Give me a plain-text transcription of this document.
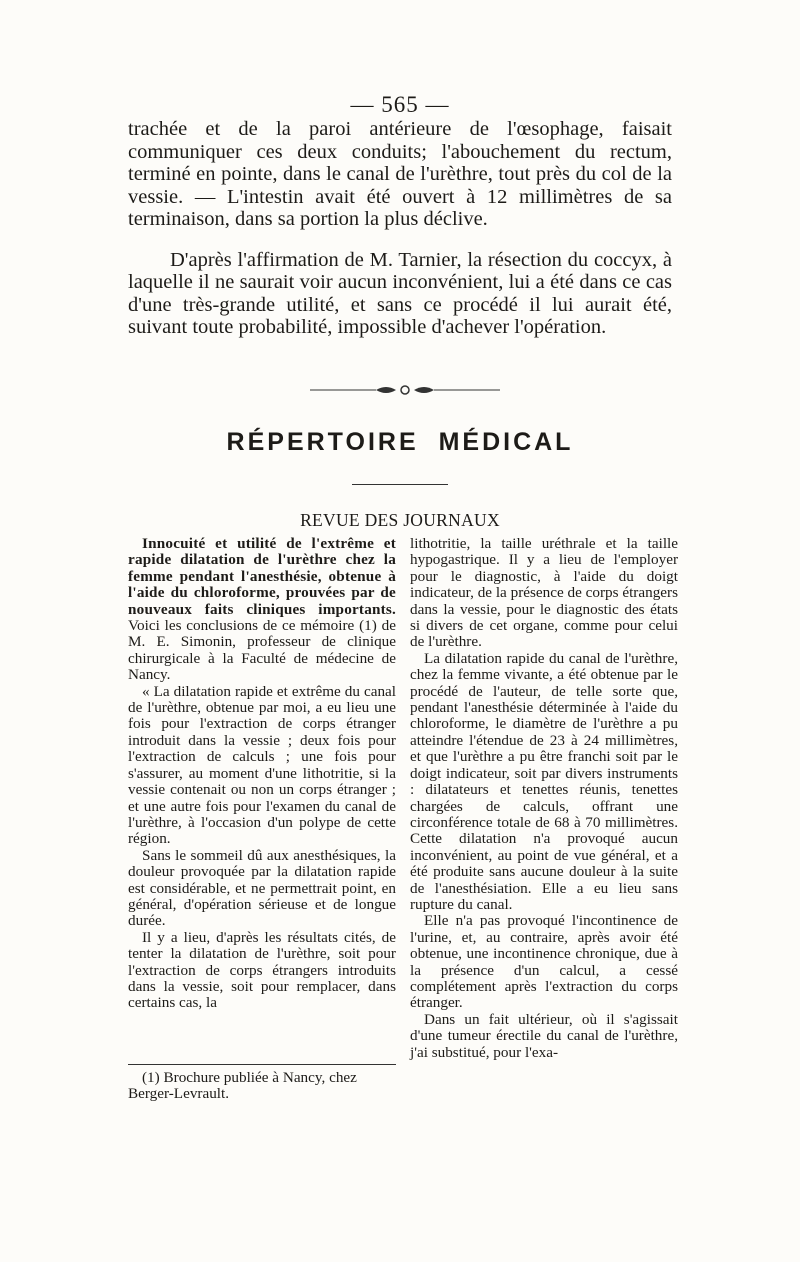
— 565 —

trachée et de la paroi antérieure de l'œsophage, faisait communiquer ces deux conduits; l'abouchement du rectum, terminé en pointe, dans le canal de l'urèthre, tout près du col de la vessie. — L'intestin avait été ouvert à 12 millimètres de sa terminaison, dans sa portion la plus déclive.

D'après l'affirmation de M. Tarnier, la résection du coccyx, à laquelle il ne saurait voir aucun inconvénient, lui a été dans ce cas d'une très-grande utilité, et sans ce procédé il lui aurait été, suivant toute probabilité, impossible d'achever l'opération.

RÉPERTOIRE MÉDICAL
REVUE DES JOURNAUX

Innocuité et utilité de l'extrême et rapide dilatation de l'urèthre chez la femme pendant l'anesthésie, obtenue à l'aide du chloroforme, prouvées par de nouveaux faits cliniques importants. Voici les conclusions de ce mémoire (1) de M. E. Simonin, professeur de clinique chirurgicale à la Faculté de médecine de Nancy.

« La dilatation rapide et extrême du canal de l'urèthre, obtenue par moi, a eu lieu une fois pour l'extraction de corps étranger introduit dans la vessie ; deux fois pour l'extraction de calculs ; une fois pour s'assurer, au moment d'une lithotritie, si la vessie contenait ou non un corps étranger ; et une autre fois pour l'examen du canal de l'urèthre, à l'occasion d'un polype de cette région.

Sans le sommeil dû aux anesthésiques, la douleur provoquée par la dilatation rapide est considérable, et ne permettrait point, en général, d'opération sérieuse et de longue durée.

Il y a lieu, d'après les résultats cités, de tenter la dilatation de l'urèthre, soit pour l'extraction de corps étrangers introduits dans la vessie, soit pour remplacer, dans certains cas, la

lithotritie, la taille uréthrale et la taille hypogastrique. Il y a lieu de l'employer pour le diagnostic, à l'aide du doigt indicateur, de la présence de corps étrangers dans la vessie, pour le diagnostic des états si divers de cet organe, comme pour celui de l'urèthre.

La dilatation rapide du canal de l'urèthre, chez la femme vivante, a été obtenue par le procédé de l'auteur, de telle sorte que, pendant l'anesthésie déterminée à l'aide du chloroforme, le diamètre de l'urèthre a pu atteindre l'étendue de 23 à 24 millimètres, et que l'urèthre a pu être franchi soit par le doigt indicateur, soit par divers instruments : dilatateurs et tenettes réunis, tenettes chargées de calculs, offrant une circonférence totale de 68 à 70 millimètres. Cette dilatation n'a provoqué aucun inconvénient, au point de vue général, et a été produite sans aucune douleur à la suite de l'anesthésiation. Elle a eu lieu sans rupture du canal.

Elle n'a pas provoqué l'incontinence de l'urine, et, au contraire, après avoir été obtenue, une incontinence chronique, due à la présence d'un calcul, a cessé complétement après l'extraction du corps étranger.

Dans un fait ultérieur, où il s'agissait d'une tumeur érectile du canal de l'urèthre, j'ai substitué, pour l'exa-

(1) Brochure publiée à Nancy, chez
Berger-Levrault.
